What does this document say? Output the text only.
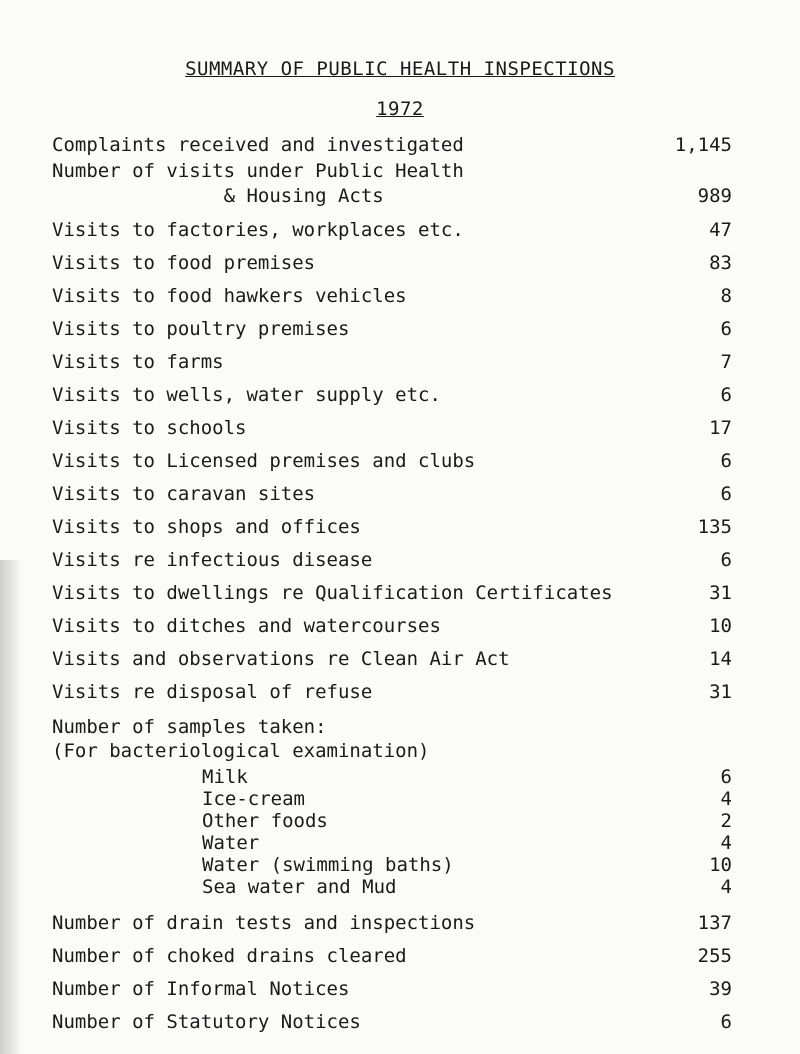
SUMMARY OF PUBLIC HEALTH INSPECTIONS
1972
Complaints received and investigated	1,145
Number of visits under Public Health
& Housing Acts	989
Visits to factories, workplaces etc.	47
Visits to food premises	83
Visits to food hawkers vehicles	8
Visits to poultry premises	6
Visits to farms	7
Visits to wells, water supply etc.	6
Visits to schools	17
Visits to Licensed premises and clubs	6
Visits to caravan sites	6
Visits to shops and offices	135
Visits re infectious disease	6
Visits to dwellings re Qualification Certificates	31
Visits to ditches and watercourses	10
Visits and observations re Clean Air Act	14
Visits re disposal of refuse	31
Number of samples taken:
(For bacteriological examination)
Milk	6
Ice-cream	4
Other foods	2
Water	4
Water (swimming baths)	10
Sea water and Mud	4
Number of drain tests and inspections	137
Number of choked drains cleared	255
Number of Informal Notices	39
Number of Statutory Notices	6
